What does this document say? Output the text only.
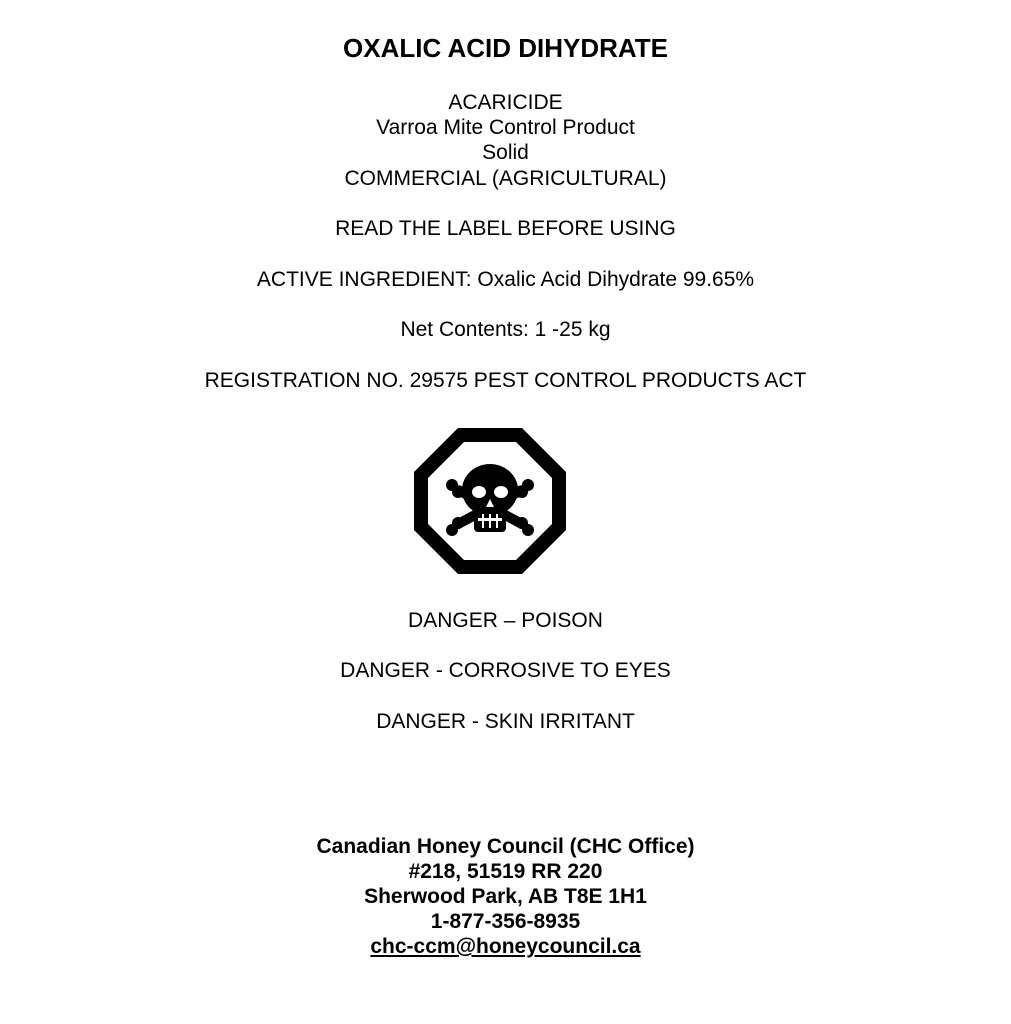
OXALIC ACID DIHYDRATE

ACARICIDE

Varroa Mite Control Product

Solid

COMMERCIAL (AGRICULTURAL)

READ THE LABEL BEFORE USING

ACTIVE INGREDIENT: Oxalic Acid Dihydrate 99.65%

Net Contents: 1 -25 kg

REGISTRATION NO. 29575 PEST CONTROL PRODUCTS ACT

DANGER – POISON

DANGER - CORROSIVE TO EYES

DANGER - SKIN IRRITANT

Canadian Honey Council (CHC Office)

#218, 51519 RR 220

Sherwood Park, AB T8E 1H1

1-877-356-8935

chc-ccm@honeycouncil.ca
